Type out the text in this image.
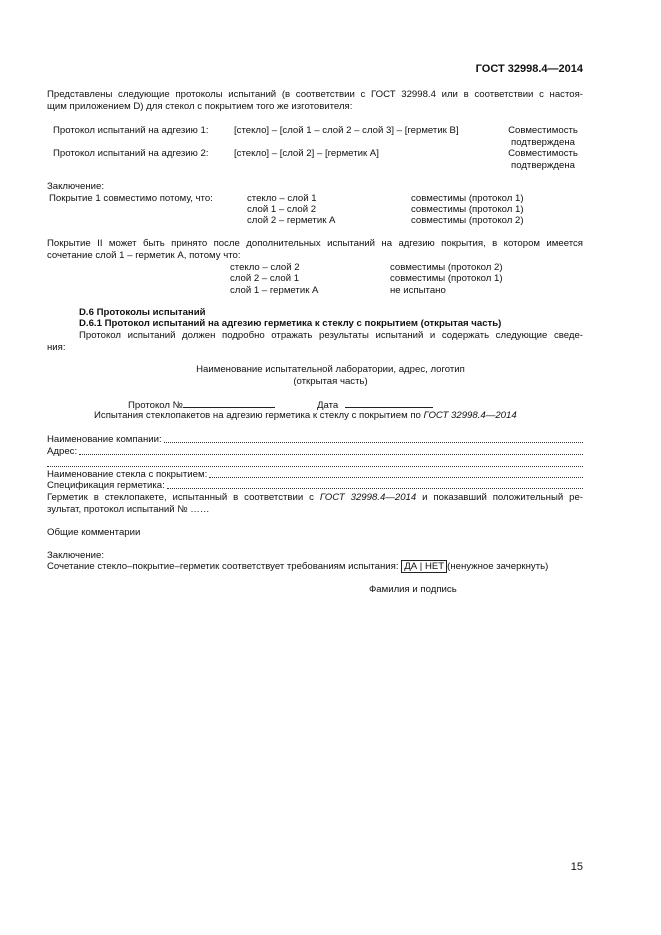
ГОСТ 32998.4—2014
Представлены следующие протоколы испытаний (в соответствии с ГОСТ 32998.4 или в соответствии с настоя-
щим приложением D) для стекол с покрытием того же изготовителя:
Протокол испытаний на адгезию 1:	[стекло] – [слой 1 – слой 2 – слой 3] – [герметик B]	Совместимость
подтверждена
Протокол испытаний на адгезию 2:	[стекло] – [слой 2] – [герметик A]	Совместимость
подтверждена
Заключение:
Покрытие 1 совместимо потому, что:	стекло – слой 1	совместимы (протокол 1)
слой 1 – слой 2	совместимы (протокол 1)
слой 2 – герметик A	совместимы (протокол 2)
Покрытие II может быть принято после дополнительных испытаний на адгезию покрытия, в котором имеется
сочетание слой 1 – герметик A, потому что:
стекло – слой 2	совместимы (протокол 2)
слой 2 – слой 1	совместимы (протокол 1)
слой 1 – герметик A	не испытано
D.6 Протоколы испытаний
D.6.1 Протокол испытаний на адгезию герметика к стеклу с покрытием (открытая часть)
Протокол испытаний должен подробно отражать результаты испытаний и содержать следующие сведе-
ния:
Наименование испытательной лаборатории, адрес, логотип
(открытая часть)
Протокол №	Дата
Испытания стеклопакетов на адгезию герметика к стеклу с покрытием по ГОСТ 32998.4—2014
Наименование компании:
Адрес:
Наименование стекла с покрытием:
Спецификация герметика:
Герметик в стеклопакете, испытанный в соответствии с ГОСТ 32998.4—2014 и показавший положительный ре-
зультат, протокол испытаний № ……
Общие комментарии
Заключение:
Сочетание стекло–покрытие–герметик соответствует требованиям испытания: ДА | НЕТ (ненужное зачеркнуть)
Фамилия и подпись
15
